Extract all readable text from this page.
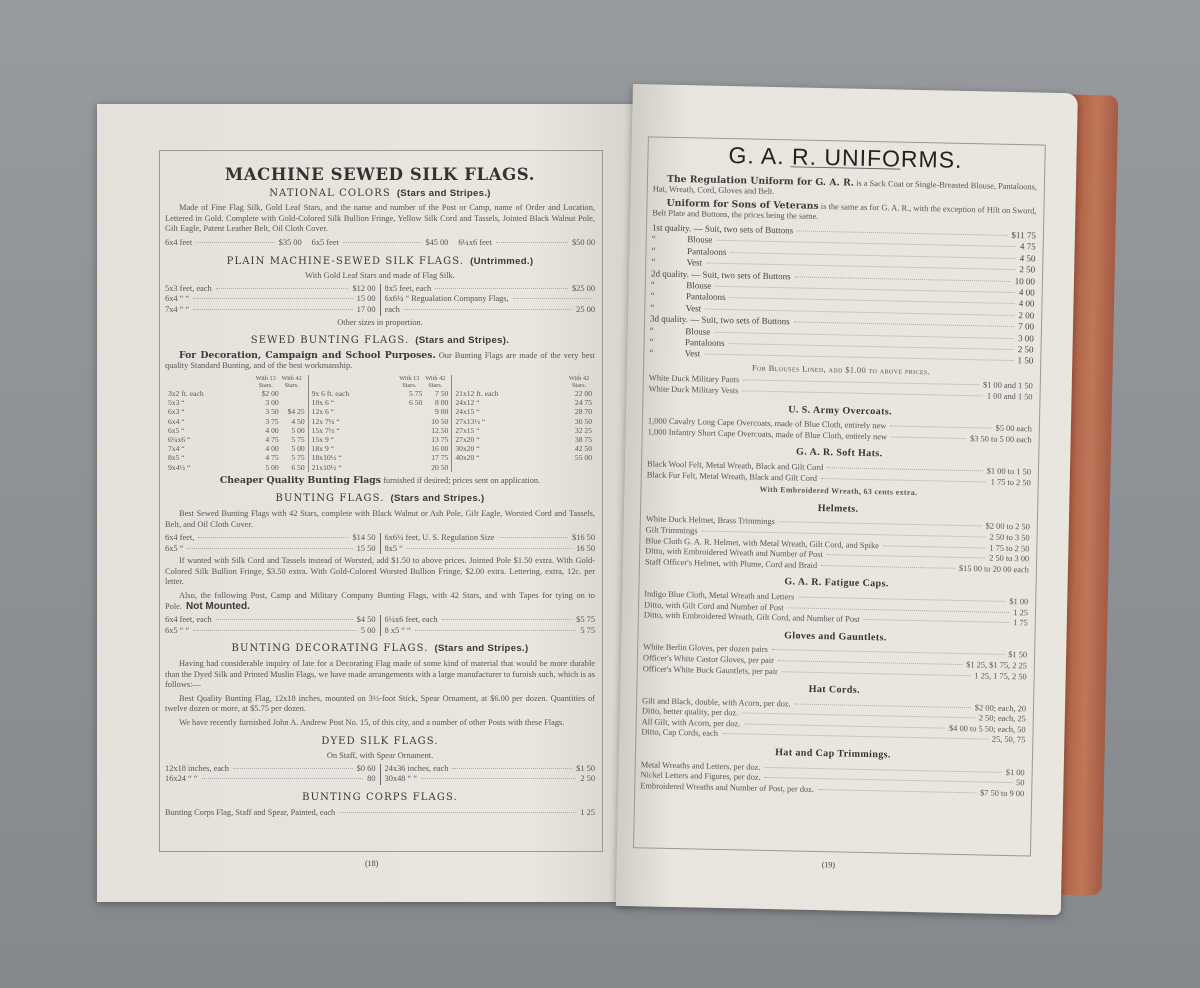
MACHINE SEWED SILK FLAGS.
NATIONAL COLORS (Stars and Stripes.)
Made of Fine Flag Silk, Gold Leaf Stars, and the name and number of the Post or Camp, name of Order and Location, Lettered in Gold. Complete with Gold-Colored Silk Bullion Fringe, Yellow Silk Cord and Tassels, Jointed Black Walnut Pole, Gilt Eagle, Patent Leather Belt, Oil Cloth Cover.
6x4 feet	$35 00 6x5 feet	$45 00 6¼x6 feet	$50 00
PLAIN MACHINE-SEWED SILK FLAGS. (Untrimmed.)
With Gold Leaf Stars and made of Flag Silk.
5x3 feet, each	$12 00
6x4 “ “	15 00
7x4 “ “	17 00
8x5 feet, each	$25 00
6x6¼ “ Regualation Company Flags,
each	25 00
Other sizes in proportion.
SEWED BUNTING FLAGS. (Stars and Stripes).
For Decoration, Campaign and School Purposes. Our Bunting Flags are made of the very best quality Standard Bunting, and of the best workmanship.
With 13 Stars.
With 42 Stars.
3x2 ft. each	$2 00
5x3 “	3 00
6x3 “	3 50	$4 25
6x4 “	3 75	4 50
6x5 “	4 00	5 00
6¼x6 “	4 75	5 75
7x4 “	4 00	5 00
8x5 “	4 75	5 75
9x4½ “	5 00	6 50
With 13 Stars.
With 42 Stars.
9x 6 ft. each	5 75	7 50
10x 6 “	6 50	8 00
12x 6 “	9 00
12x 7¼ “	10 50
15x 7½ “	12.50
15x 9 “	13 75
18x 9 “	16 00
18x10½ “	17 75
21x10½ “	20 50
With 42 Stars.
21x12 ft. each	22 00
24x12 “	24 75
24x15 “	28 70
27x13½ “	30 50
27x15 “	32 25
27x20 “	38 75
30x20 “	42 50
40x20 “	55 00
Cheaper Quality Bunting Flags furnished if desired; prices sent on application.
BUNTING FLAGS. (Stars and Stripes.)
Best Sewed Bunting Flags with 42 Stars, complete with Black Walnut or Ash Pole, Gilt Eagle, Worsted Cord and Tassels, Belt, and Oil Cloth Cover.
6x4 feet,	$14 50
6x5 “	15 50
6x6¼ feet, U. S. Regulation Size	$16 50
8x5 “	16 50
If wanted with Silk Cord and Tassels instead of Worsted, add $1.50 to above prices. Jointed Pole $1.50 extra. With Gold-Colored Silk Bullion Fringe, $3.50 extra. With Gold-Colored Worsted Bullion Fringe, $2.00 extra. Lettering, extra, 12c. per letter.
Also, the following Post, Camp and Military Company Bunting Flags, with 42 Stars, and with Tapes for tying on to Pole. Not Mounted.
6x4 feet, each	$4 50
6x5 “ “	5 00
6¼x6 feet, each	$5 75
8 x5 “ “	5 75
BUNTING DECORATING FLAGS. (Stars and Stripes.)
Having had considerable inquiry of late for a Decorating Flag made of some kind of material that would be more durable than the Dyed Silk and Printed Muslin Flags, we have made arrangements with a large manufacturer to furnish such, which is as follows:—
Best Quality Bunting Flag, 12x18 inches, mounted on 3½-foot Stick, Spear Ornament, at $6.00 per dozen. Quantities of twelve dozen or more, at $5.75 per dozen.
We have recently furnished John A. Andrew Post No. 15, of this city, and a number of other Posts with these Flags.
DYED SILK FLAGS.
On Staff, with Spear Ornament.
12x18 inches, each	$0 60
16x24 “ “	80
24x36 inches, each	$1 50
30x48 “ “	2 50
BUNTING CORPS FLAGS.
Bunting Corps Flag, Staff and Spear, Painted, each	1 25
(18)
G. A. R. UNIFORMS.
The Regulation Uniform for G. A. R. is a Sack Coat or Single-Breasted Blouse, Pantaloons, Hat, Wreath, Cord, Gloves and Belt.
Uniform for Sons of Veterans is the same as for G. A. R., with the exception of Hilt on Sword, Belt Plate and Buttons, the prices being the same.
1st quality. — Suit, two sets of Buttons	$11 75
“              Blouse
4 75
“              Pantaloons
4 50
“              Vest
2 50
2d quality. — Suit, two sets of Buttons	10 00
“              Blouse
4 00
“              Pantaloons
4 00
“              Vest
2 00
3d quality. — Suit, two sets of Buttons	7 00
“              Blouse
3 00
“              Pantaloons
2 50
“              Vest
1 50
For Blouses Lined, add $1.00 to above prices.
White Duck Military Pants
$1 00 and 1 50
White Duck Military Vests
1 00 and 1 50
U. S. Army Overcoats.
1,000 Cavalry Long Cape Overcoats, made of Blue Cloth, entirely new	$5 00 each
1,000 Infantry Short Cape Overcoats, made of Blue Cloth, entirely new	$3 50 to 5 00 each
G. A. R. Soft Hats.
Black Wool Felt, Metal Wreath, Black and Gilt Cord	$1 00 to 1 50
Black Fur Felt, Metal Wreath, Black and Gilt Cord	1 75 to 2 50
With Embroidered Wreath, 63 cents extra.
Helmets.
White Duck Helmet, Brass Trimmings
$2 00 to 2 50
Gilt Trimmings
2 50 to 3 50
Blue Cloth G. A. R. Helmet, with Metal Wreath, Gilt Cord, and Spike	1 75 to 2 50
Ditto, with Embroidered Wreath and Number of Post	2 50 to 3 00
Staff Officer's Helmet, with Plume, Cord and Braid	$15 00 to 20 00 each
G. A. R. Fatigue Caps.
Indigo Blue Cloth, Metal Wreath and Letters
$1 00
Ditto, with Gilt Cord and Number of Post
1 25
Ditto, with Embroidered Wreath, Gilt Cord, and Number of Post	1 75
Gloves and Gauntlets.
White Berlin Gloves, per dozen pairs
$1 50
Officer's White Castor Gloves, per pair
$1 25, $1 75, 2 25
Officer's White Buck Gauntlets, per pair
1 25, 1 75, 2 50
Hat Cords.
Gilt and Black, double, with Acorn, per doz.	$2 00; each, 20
Ditto, better quality, per doz.
2 50; each, 25
All Gilt, with Acorn, per doz.
$4 00 to 5 50; each, 50
Ditto, Cap Cords, each
25, 50, 75
Hat and Cap Trimmings.
Metal Wreaths and Letters, per doz.
$1 00
Nickel Letters and Figures, per doz.
50
Embroidered Wreaths and Number of Post, per doz.	$7 50 to 9 00
(19)
